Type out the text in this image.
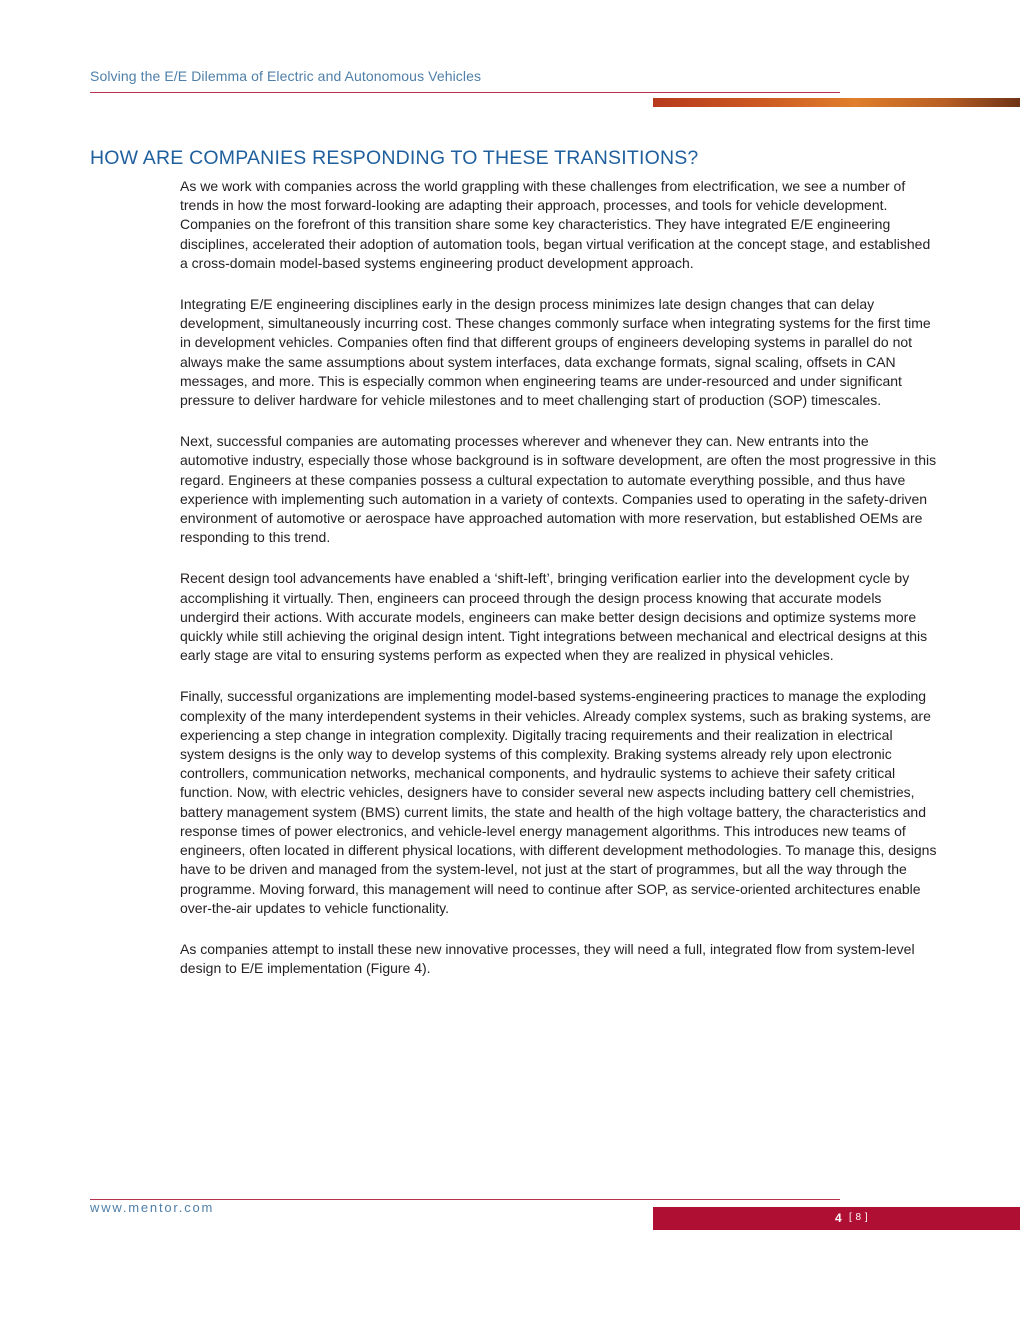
Solving the E/E Dilemma of Electric and Autonomous Vehicles
HOW ARE COMPANIES RESPONDING TO THESE TRANSITIONS?

As we work with companies across the world grappling with these challenges from electrification, we see a number of trends in how the most forward-looking are adapting their approach, processes, and tools for vehicle development. Companies on the forefront of this transition share some key characteristics. They have integrated E/E engineering disciplines, accelerated their adoption of automation tools, began virtual verification at the concept stage, and established a cross-domain model-based systems engineering product development approach.

Integrating E/E engineering disciplines early in the design process minimizes late design changes that can delay development, simultaneously incurring cost. These changes commonly surface when integrating systems for the first time in development vehicles. Companies often find that different groups of engineers developing systems in parallel do not always make the same assumptions about system interfaces, data exchange formats, signal scaling, offsets in CAN messages, and more. This is especially common when engineering teams are under-resourced and under significant pressure to deliver hardware for vehicle milestones and to meet challenging start of production (SOP) timescales.

Next, successful companies are automating processes wherever and whenever they can. New entrants into the automotive industry, especially those whose background is in software development, are often the most progressive in this regard. Engineers at these companies possess a cultural expectation to automate everything possible, and thus have experience with implementing such automation in a variety of contexts. Companies used to operating in the safety-driven environment of automotive or aerospace have approached automation with more reservation, but established OEMs are responding to this trend.

Recent design tool advancements have enabled a ‘shift-left’, bringing verification earlier into the development cycle by accomplishing it virtually. Then, engineers can proceed through the design process knowing that accurate models undergird their actions. With accurate models, engineers can make better design decisions and optimize systems more quickly while still achieving the original design intent. Tight integrations between mechanical and electrical designs at this early stage are vital to ensuring systems perform as expected when they are realized in physical vehicles.

Finally, successful organizations are implementing model-based systems-engineering practices to manage the exploding complexity of the many interdependent systems in their vehicles. Already complex systems, such as braking systems, are experiencing a step change in integration complexity. Digitally tracing requirements and their realization in electrical system designs is the only way to develop systems of this complexity. Braking systems already rely upon electronic controllers, communication networks, mechanical components, and hydraulic systems to achieve their safety critical function. Now, with electric vehicles, designers have to consider several new aspects including battery cell chemistries, battery management system (BMS) current limits, the state and health of the high voltage battery, the characteristics and response times of power electronics, and vehicle-level energy management algorithms. This introduces new teams of engineers, often located in different physical locations, with different development methodologies. To manage this, designs have to be driven and managed from the system-level, not just at the start of programmes, but all the way through the programme. Moving forward, this management will need to continue after SOP, as service-oriented architectures enable over-the-air updates to vehicle functionality.

As companies attempt to install these new innovative processes, they will need a full, integrated flow from system-level design to E/E implementation (Figure 4).

www.mentor.com
4 [ 8 ]
